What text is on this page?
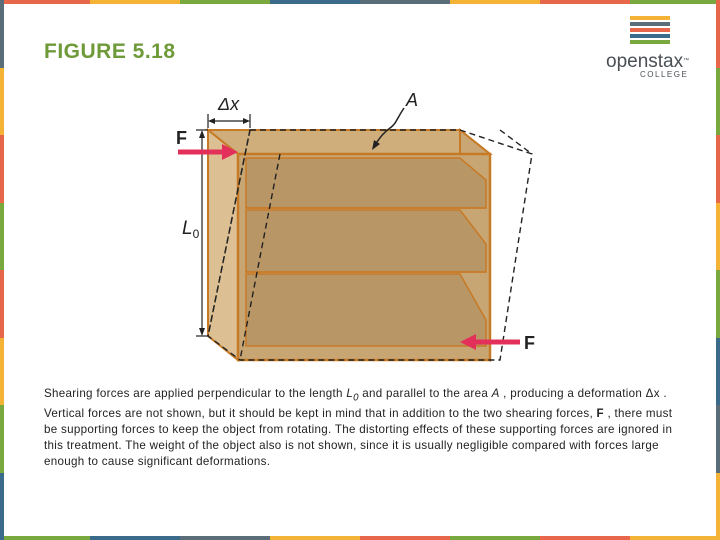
FIGURE 5.18	openstax™
COLLEGE
Δx	A
$L_0$
F
F
Shearing forces are applied perpendicular to the length $L_0$ and parallel to the area A , producing a deformation Δx . Vertical forces are not shown, but it should be kept in mind that in addition to the two shearing forces, F , there must be supporting forces to keep the object from rotating. The distorting effects of these supporting forces are ignored in this treatment. The weight of the object also is not shown, since it is usually negligible compared with forces large enough to cause significant deformations.
